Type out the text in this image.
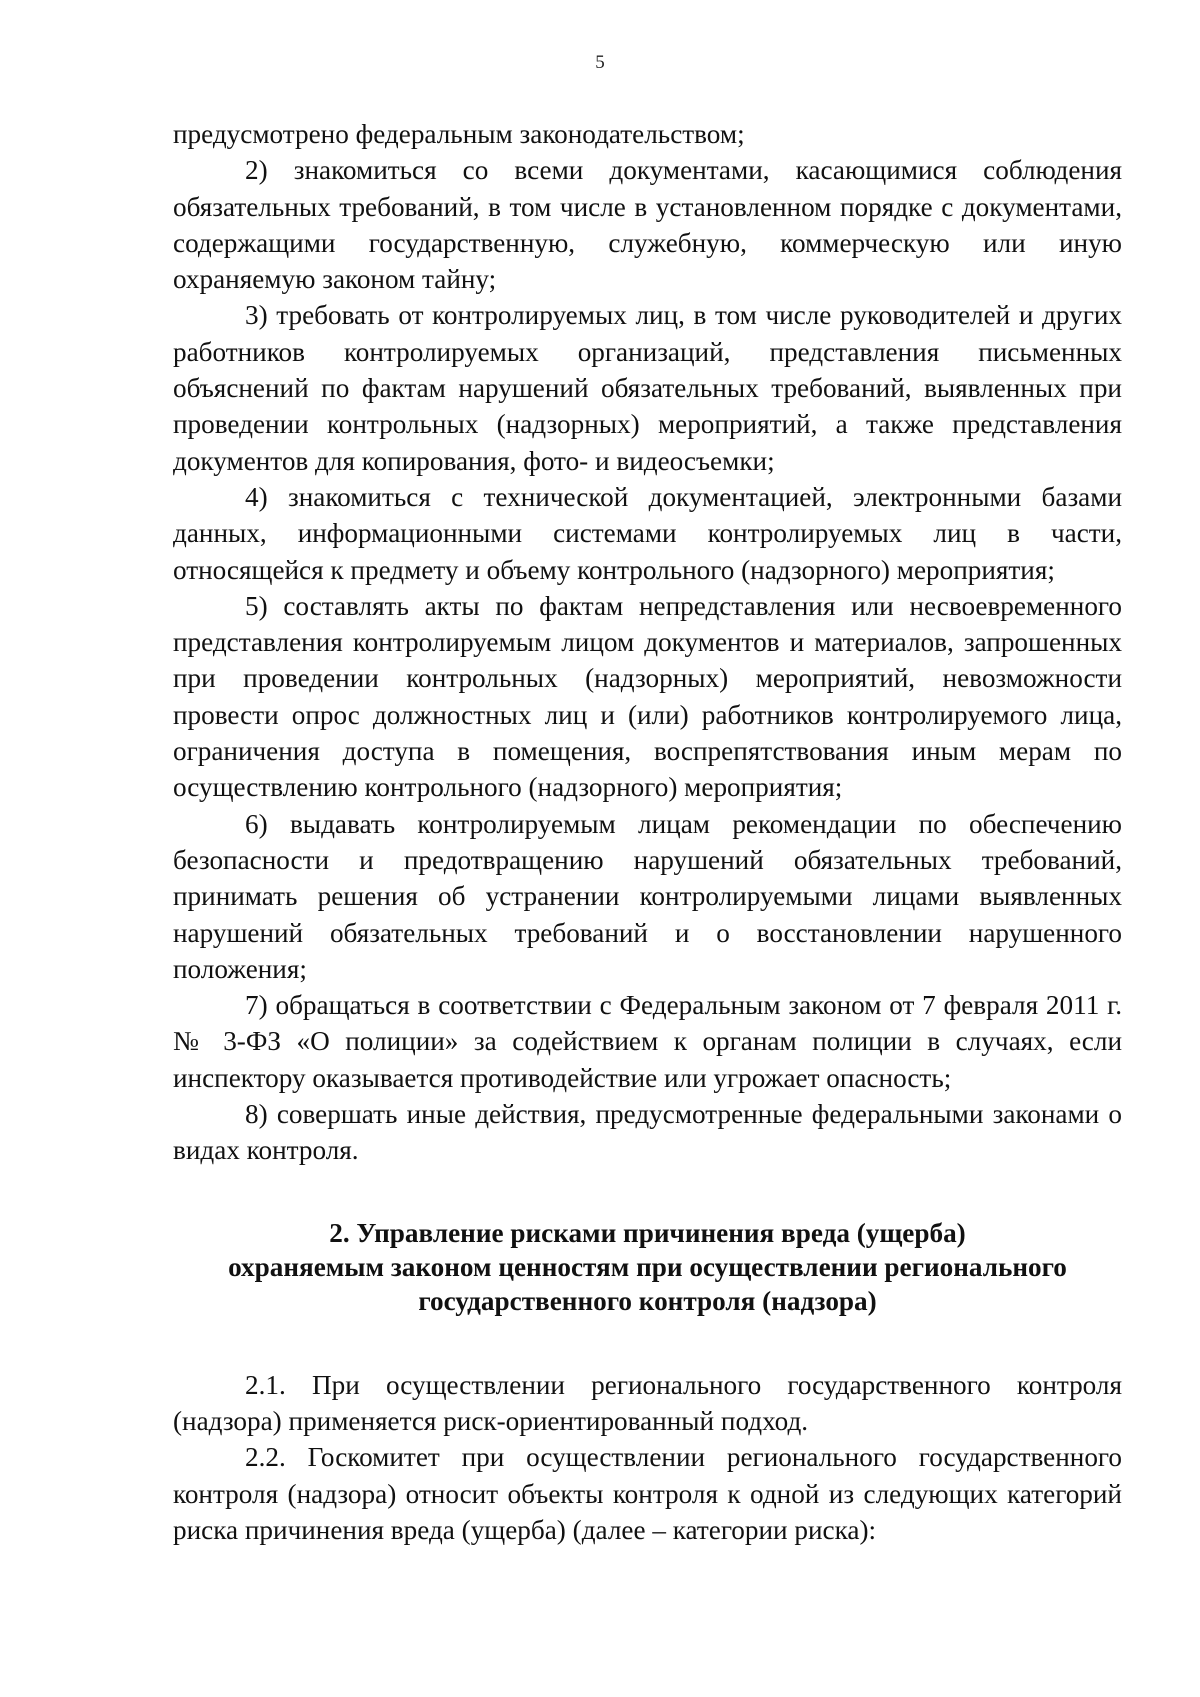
5

предусмотрено федеральным законодательством;

2) знакомиться со всеми документами, касающимися соблюдения обязательных требований, в том числе в установленном порядке с документами, содержащими государственную, служебную, коммерческую или иную охраняемую законом тайну;

3) требовать от контролируемых лиц, в том числе руководителей и других работников контролируемых организаций, представления письменных объяснений по фактам нарушений обязательных требований, выявленных при проведении контрольных (надзорных) мероприятий, а также представления документов для копирования, фото- и видеосъемки;

4) знакомиться с технической документацией, электронными базами данных, информационными системами контролируемых лиц в части, относящейся к предмету и объему контрольного (надзорного) мероприятия;

5) составлять акты по фактам непредставления или несвоевременного представления контролируемым лицом документов и материалов, запрошенных при проведении контрольных (надзорных) мероприятий, невозможности провести опрос должностных лиц и (или) работников контролируемого лица, ограничения доступа в помещения, воспрепятствования иным мерам по осуществлению контрольного (надзорного) мероприятия;

6) выдавать контролируемым лицам рекомендации по обеспечению безопасности и предотвращению нарушений обязательных требований, принимать решения об устранении контролируемыми лицами выявленных нарушений обязательных требований и о восстановлении нарушенного положения;

7) обращаться в соответствии с Федеральным законом от 7 февраля 2011 г. № 3-ФЗ «О полиции» за содействием к органам полиции в случаях, если инспектору оказывается противодействие или угрожает опасность;

8) совершать иные действия, предусмотренные федеральными законами о видах контроля.

2. Управление рисками причинения вреда (ущерба)
охраняемым законом ценностям при осуществлении регионального
государственного контроля (надзора)

2.1. При осуществлении регионального государственного контроля (надзора) применяется риск-ориентированный подход.

2.2. Госкомитет при осуществлении регионального государственного контроля (надзора) относит объекты контроля к одной из следующих категорий риска причинения вреда (ущерба) (далее – категории риска):
